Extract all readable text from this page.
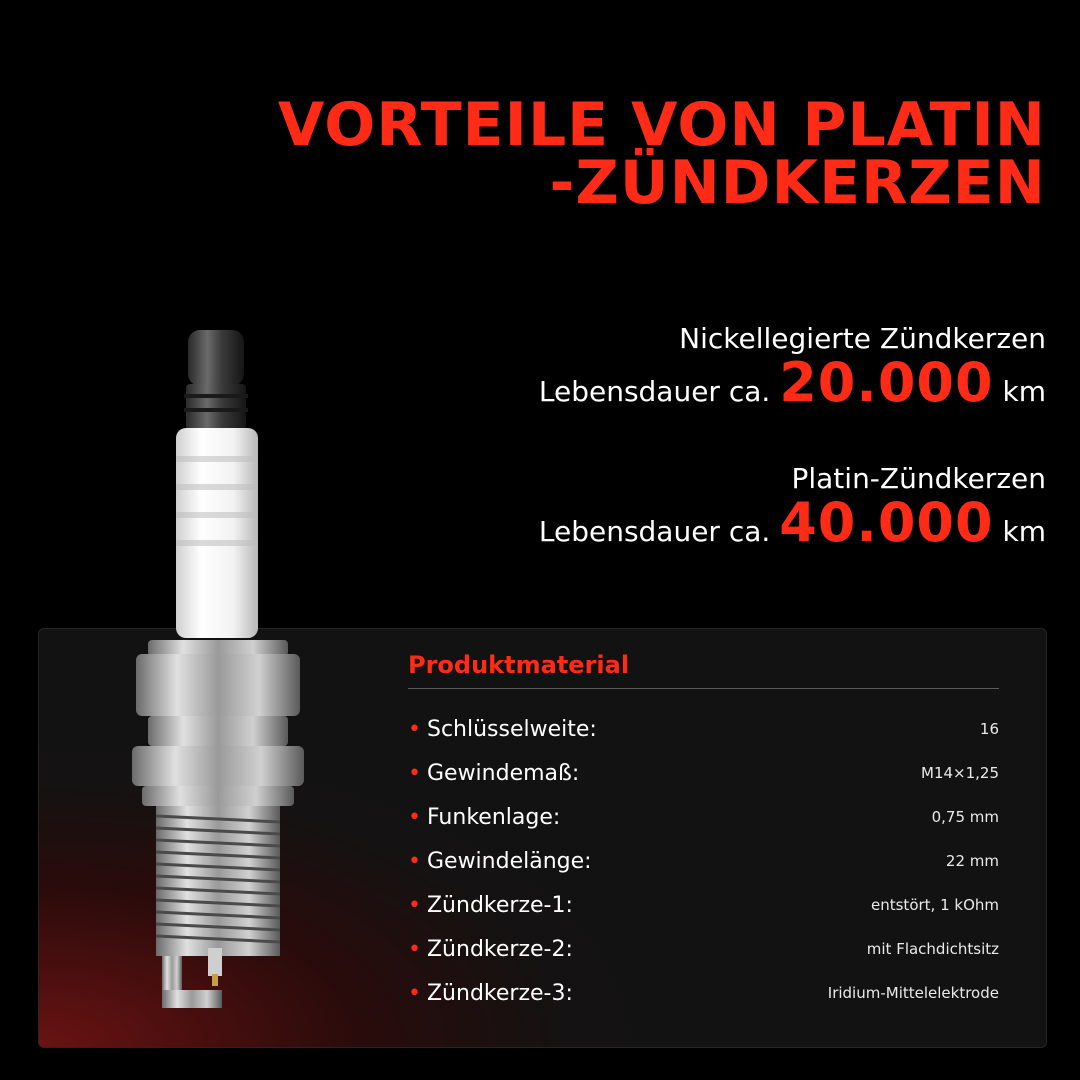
VORTEILE VON PLATIN
-ZÜNDKERZEN
Nickellegierte Zündkerzen
Lebensdauer ca. 20.000 km
Platin-Zündkerzen
Lebensdauer ca. 40.000 km
Produktmaterial
• Schlüsselweite:	16
• Gewindemaß:	M14×1,25
• Funkenlage:	0,75 mm
• Gewindelänge:	22 mm
• Zündkerze-1:	entstört, 1 kOhm
• Zündkerze-2:	mit Flachdichtsitz
• Zündkerze-3:	Iridium-Mittelelektrode
